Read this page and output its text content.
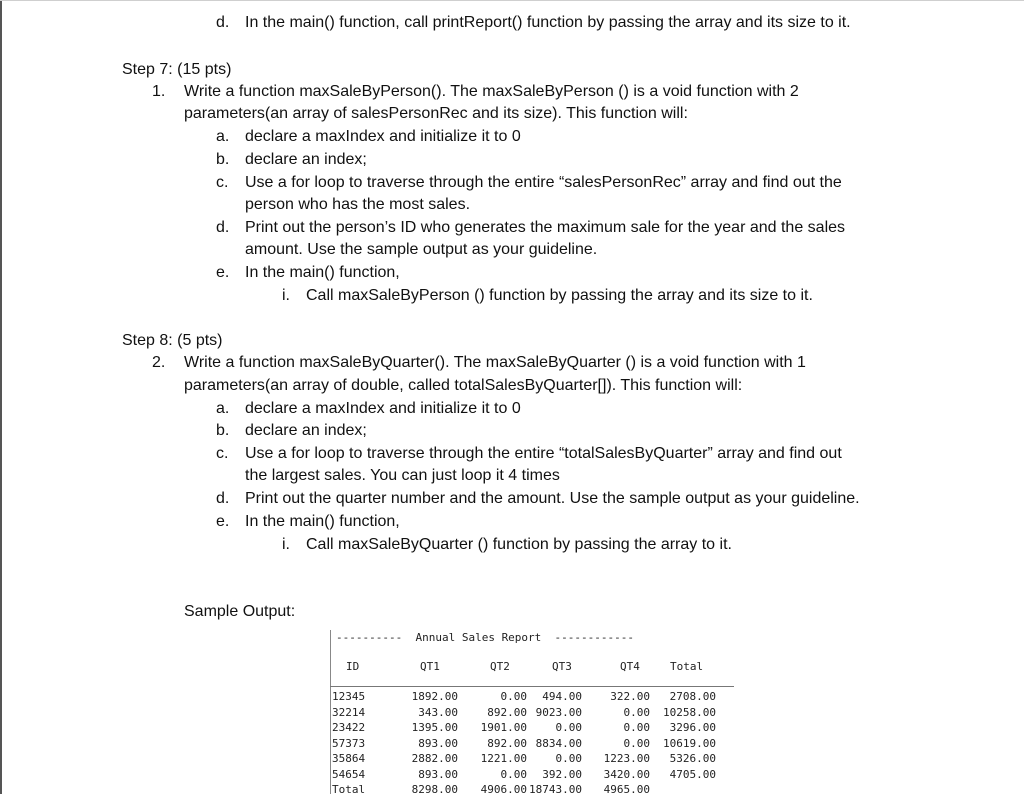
d. In the main() function, call printReport() function by passing the array and its size to it.
Step 7: (15 pts)
1. Write a function maxSaleByPerson(). The maxSaleByPerson () is a void function with 2
parameters(an array of salesPersonRec and its size). This function will:
a. declare a maxIndex and initialize it to 0
b. declare an index;
c. Use a for loop to traverse through the entire “salesPersonRec” array and find out the
person who has the most sales.
d. Print out the person’s ID who generates the maximum sale for the year and the sales
amount. Use the sample output as your guideline.
e. In the main() function,
i. Call maxSaleByPerson () function by passing the array and its size to it.
Step 8: (5 pts)
2. Write a function maxSaleByQuarter(). The maxSaleByQuarter () is a void function with 1
parameters(an array of double, called totalSalesByQuarter[]). This function will:
a. declare a maxIndex and initialize it to 0
b. declare an index;
c. Use a for loop to traverse through the entire “totalSalesByQuarter” array and find out
the largest sales. You can just loop it 4 times
d. Print out the quarter number and the amount. Use the sample output as your guideline.
e. In the main() function,
i. Call maxSaleByQuarter () function by passing the array to it.
Sample Output:
----------  Annual Sales Report  ------------
ID	QT1	QT2	QT3	QT4	Total
12345	1892.00	0.00 494.00	322.00 2708.00
32214	343.00	892.00 9023.00	0.00 10258.00
23422	1395.00 1901.00	0.00	0.00 3296.00
57373	893.00	892.00 8834.00	0.00 10619.00
35864	2882.00 1221.00	0.00 1223.00 5326.00
54654	893.00	0.00 392.00 3420.00 4705.00
Total	8298.00 4906.00 18743.00 4965.00
